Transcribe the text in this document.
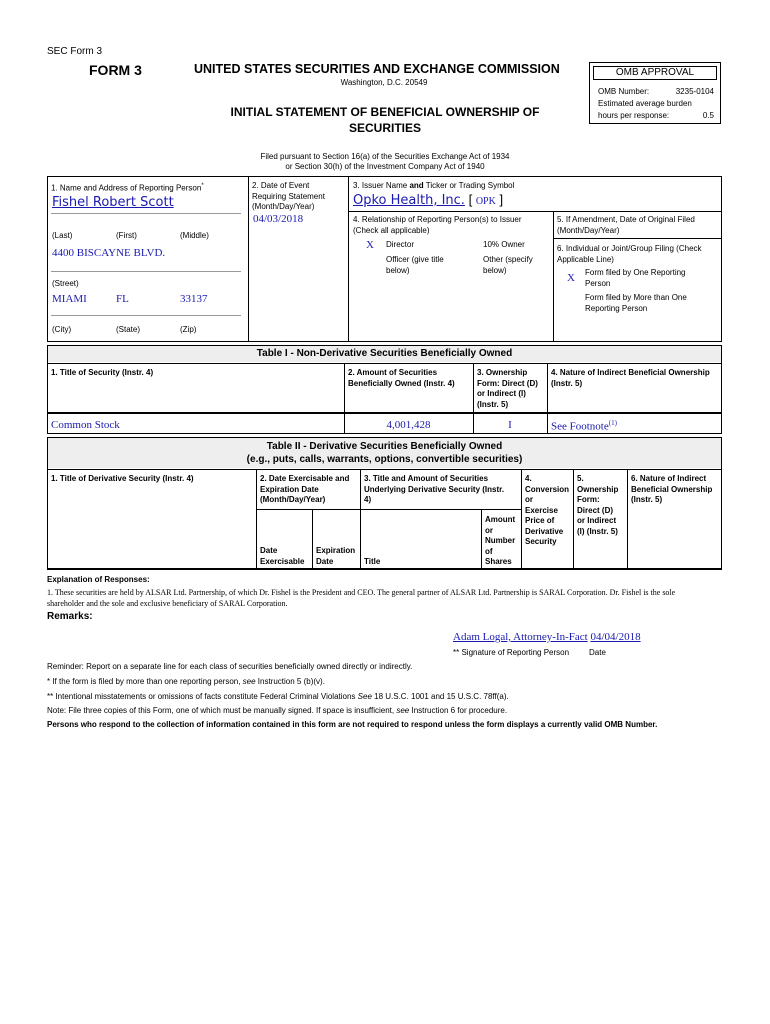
SEC Form 3
FORM 3	UNITED STATES SECURITIES AND EXCHANGE COMMISSION
Washington, D.C. 20549
INITIAL STATEMENT OF BENEFICIAL OWNERSHIP OF
SECURITIES
OMB APPROVAL
OMB Number:	3235-0104
Estimated average burden
hours per response:	0.5
Filed pursuant to Section 16(a) of the Securities Exchange Act of 1934
or Section 30(h) of the Investment Company Act of 1940
1. Name and Address of Reporting Person*
Fishel Robert Scott
(Last)	(First)	(Middle)
4400 BISCAYNE BLVD.
(Street)
MIAMI	FL	33137
(City)	(State)	(Zip)
2. Date of Event
Requiring Statement
(Month/Day/Year)
04/03/2018
3. Issuer Name and Ticker or Trading Symbol
Opko Health, Inc. [ OPK ]
4. Relationship of Reporting Person(s) to Issuer
(Check all applicable)
X Director	10% Owner
Officer (give title
below)
Other (specify
below)
5. If Amendment, Date of Original Filed
(Month/Day/Year)
6. Individual or Joint/Group Filing (Check
Applicable Line)
X Form filed by One Reporting
Person
Form filed by More than One
Reporting Person
Table I - Non-Derivative Securities Beneficially Owned
1. Title of Security (Instr. 4)	2. Amount of Securities
Beneficially Owned (Instr. 4)
3. Ownership
Form: Direct (D)
or Indirect (I)
(Instr. 5)
4. Nature of Indirect Beneficial Ownership
(Instr. 5)
Common Stock	4,001,428	I	See Footnote$^{(1)}$
Table II - Derivative Securities Beneficially Owned
(e.g., puts, calls, warrants, options, convertible securities)
1. Title of Derivative Security (Instr. 4)	2. Date Exercisable and
Expiration Date
(Month/Day/Year)
3. Title and Amount of Securities
Underlying Derivative Security (Instr.
4)
4.
Conversion
or
Exercise
Price of
Derivative
Security
5.
Ownership
Form:
Direct (D)
or Indirect
(I) (Instr. 5)
6. Nature of Indirect
Beneficial Ownership
(Instr. 5)
Date
Exercisable
Expiration
Date	Title
Amount
or
Number
of
Shares
Explanation of Responses:
1. These securities are held by ALSAR Ltd. Partnership, of which Dr. Fishel is the President and CEO. The general partner of ALSAR Ltd. Partnership is SARAL Corporation. Dr. Fishel is the sole
shareholder and the sole and exclusive beneficiary of SARAL Corporation.
Remarks:
Adam Logal, Attorney-In-Fact 04/04/2018
** Signature of Reporting Person Date
Reminder: Report on a separate line for each class of securities beneficially owned directly or indirectly.
* If the form is filed by more than one reporting person, see Instruction 5 (b)(v).
** Intentional misstatements or omissions of facts constitute Federal Criminal Violations See 18 U.S.C. 1001 and 15 U.S.C. 78ff(a).
Note: File three copies of this Form, one of which must be manually signed. If space is insufficient, see Instruction 6 for procedure.
Persons who respond to the collection of information contained in this form are not required to respond unless the form displays a currently valid OMB Number.
